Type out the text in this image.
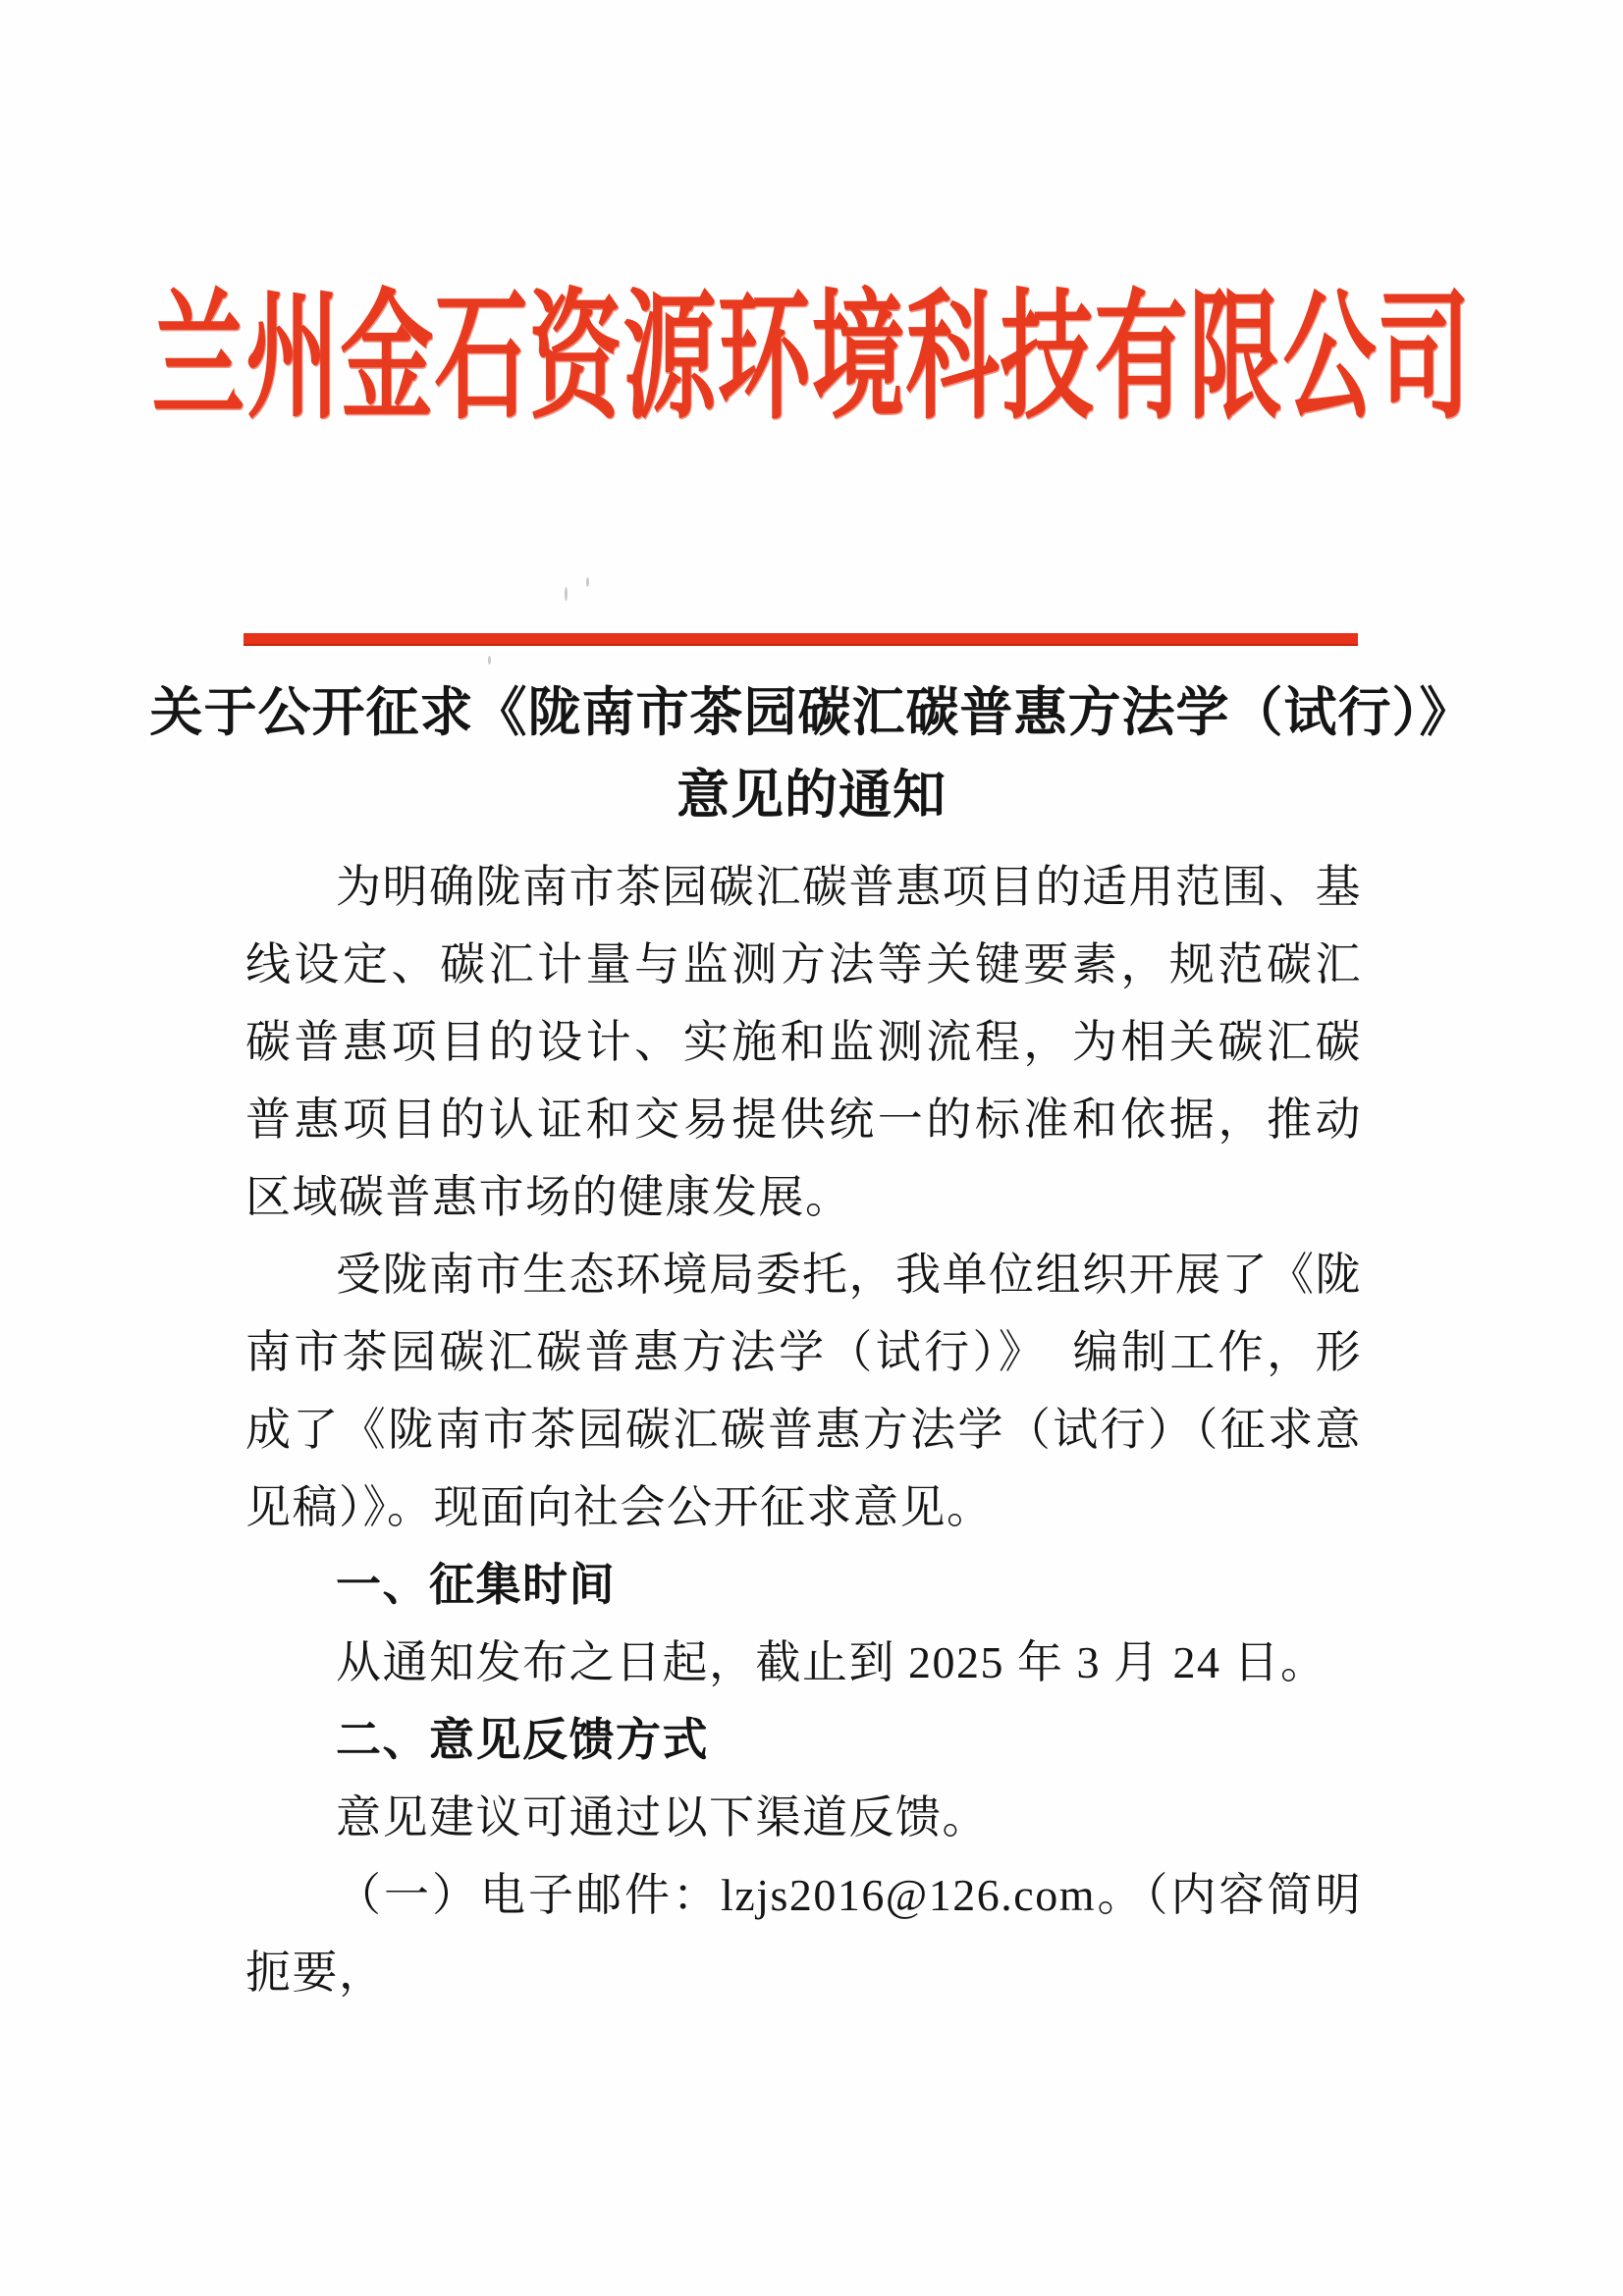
兰州金石资源环境科技有限公司
关于公开征求《陇南市茶园碳汇碳普惠方法学（试行）》
意见的通知

为明确陇南市茶园碳汇碳普惠项目的适用范围、基线设定、碳汇计量与监测方法等关键要素，规范碳汇碳普惠项目的设计、实施和监测流程，为相关碳汇碳普惠项目的认证和交易提供统一的标准和依据，推动区域碳普惠市场的健康发展。

受陇南市生态环境局委托，我单位组织开展了《陇南市茶园碳汇碳普惠方法学（试行）》　编制工作，形成了《陇南市茶园碳汇碳普惠方法学（试行）（征求意见稿）》。现面向社会公开征求意见。

一、征集时间

从通知发布之日起，截止到 2025 年 3 月 24 日。

二、意见反馈方式

意见建议可通过以下渠道反馈。

（一）电子邮件：lzjs2016@126.com。（内容简明扼要，
